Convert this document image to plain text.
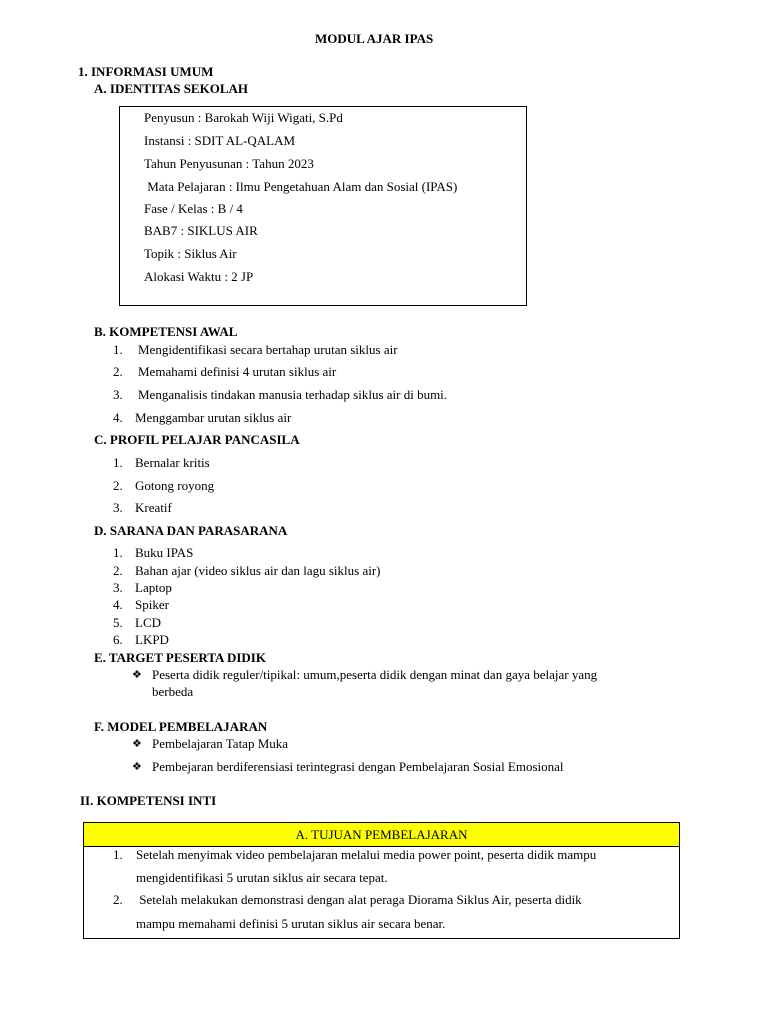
MODUL AJAR IPAS
1. INFORMASI UMUM
A. IDENTITAS SEKOLAH
Penyusun : Barokah Wiji Wigati, S.Pd
Instansi : SDIT AL-QALAM
Tahun Penyusunan : Tahun 2023
Mata Pelajaran : Ilmu Pengetahuan Alam dan Sosial (IPAS)
Fase / Kelas : B / 4
BAB7 : SIKLUS AIR
Topik : Siklus Air
Alokasi Waktu : 2 JP
B. KOMPETENSI AWAL
1. Mengidentifikasi secara bertahap urutan siklus air
2. Memahami definisi 4 urutan siklus air
3. Menganalisis tindakan manusia terhadap siklus air di bumi.
4. Menggambar urutan siklus air
C. PROFIL PELAJAR PANCASILA
1. Bernalar kritis
2. Gotong royong
3. Kreatif
D. SARANA DAN PARASARANA
1. Buku IPAS
2. Bahan ajar (video siklus air dan lagu siklus air)
3. Laptop
4. Spiker
5. LCD
6. LKPD
E. TARGET PESERTA DIDIK
❖ Peserta didik reguler/tipikal: umum,peserta didik dengan minat dan gaya belajar yang
berbeda
F. MODEL PEMBELAJARAN
❖ Pembelajaran Tatap Muka
❖ Pembejaran berdiferensiasi terintegrasi dengan Pembelajaran Sosial Emosional
II. KOMPETENSI INTI
A. TUJUAN PEMBELAJARAN
1. Setelah menyimak video pembelajaran melalui media power point, peserta didik mampu
mengidentifikasi 5 urutan siklus air secara tepat.
2. Setelah melakukan demonstrasi dengan alat peraga Diorama Siklus Air, peserta didik
mampu memahami definisi 5 urutan siklus air secara benar.
